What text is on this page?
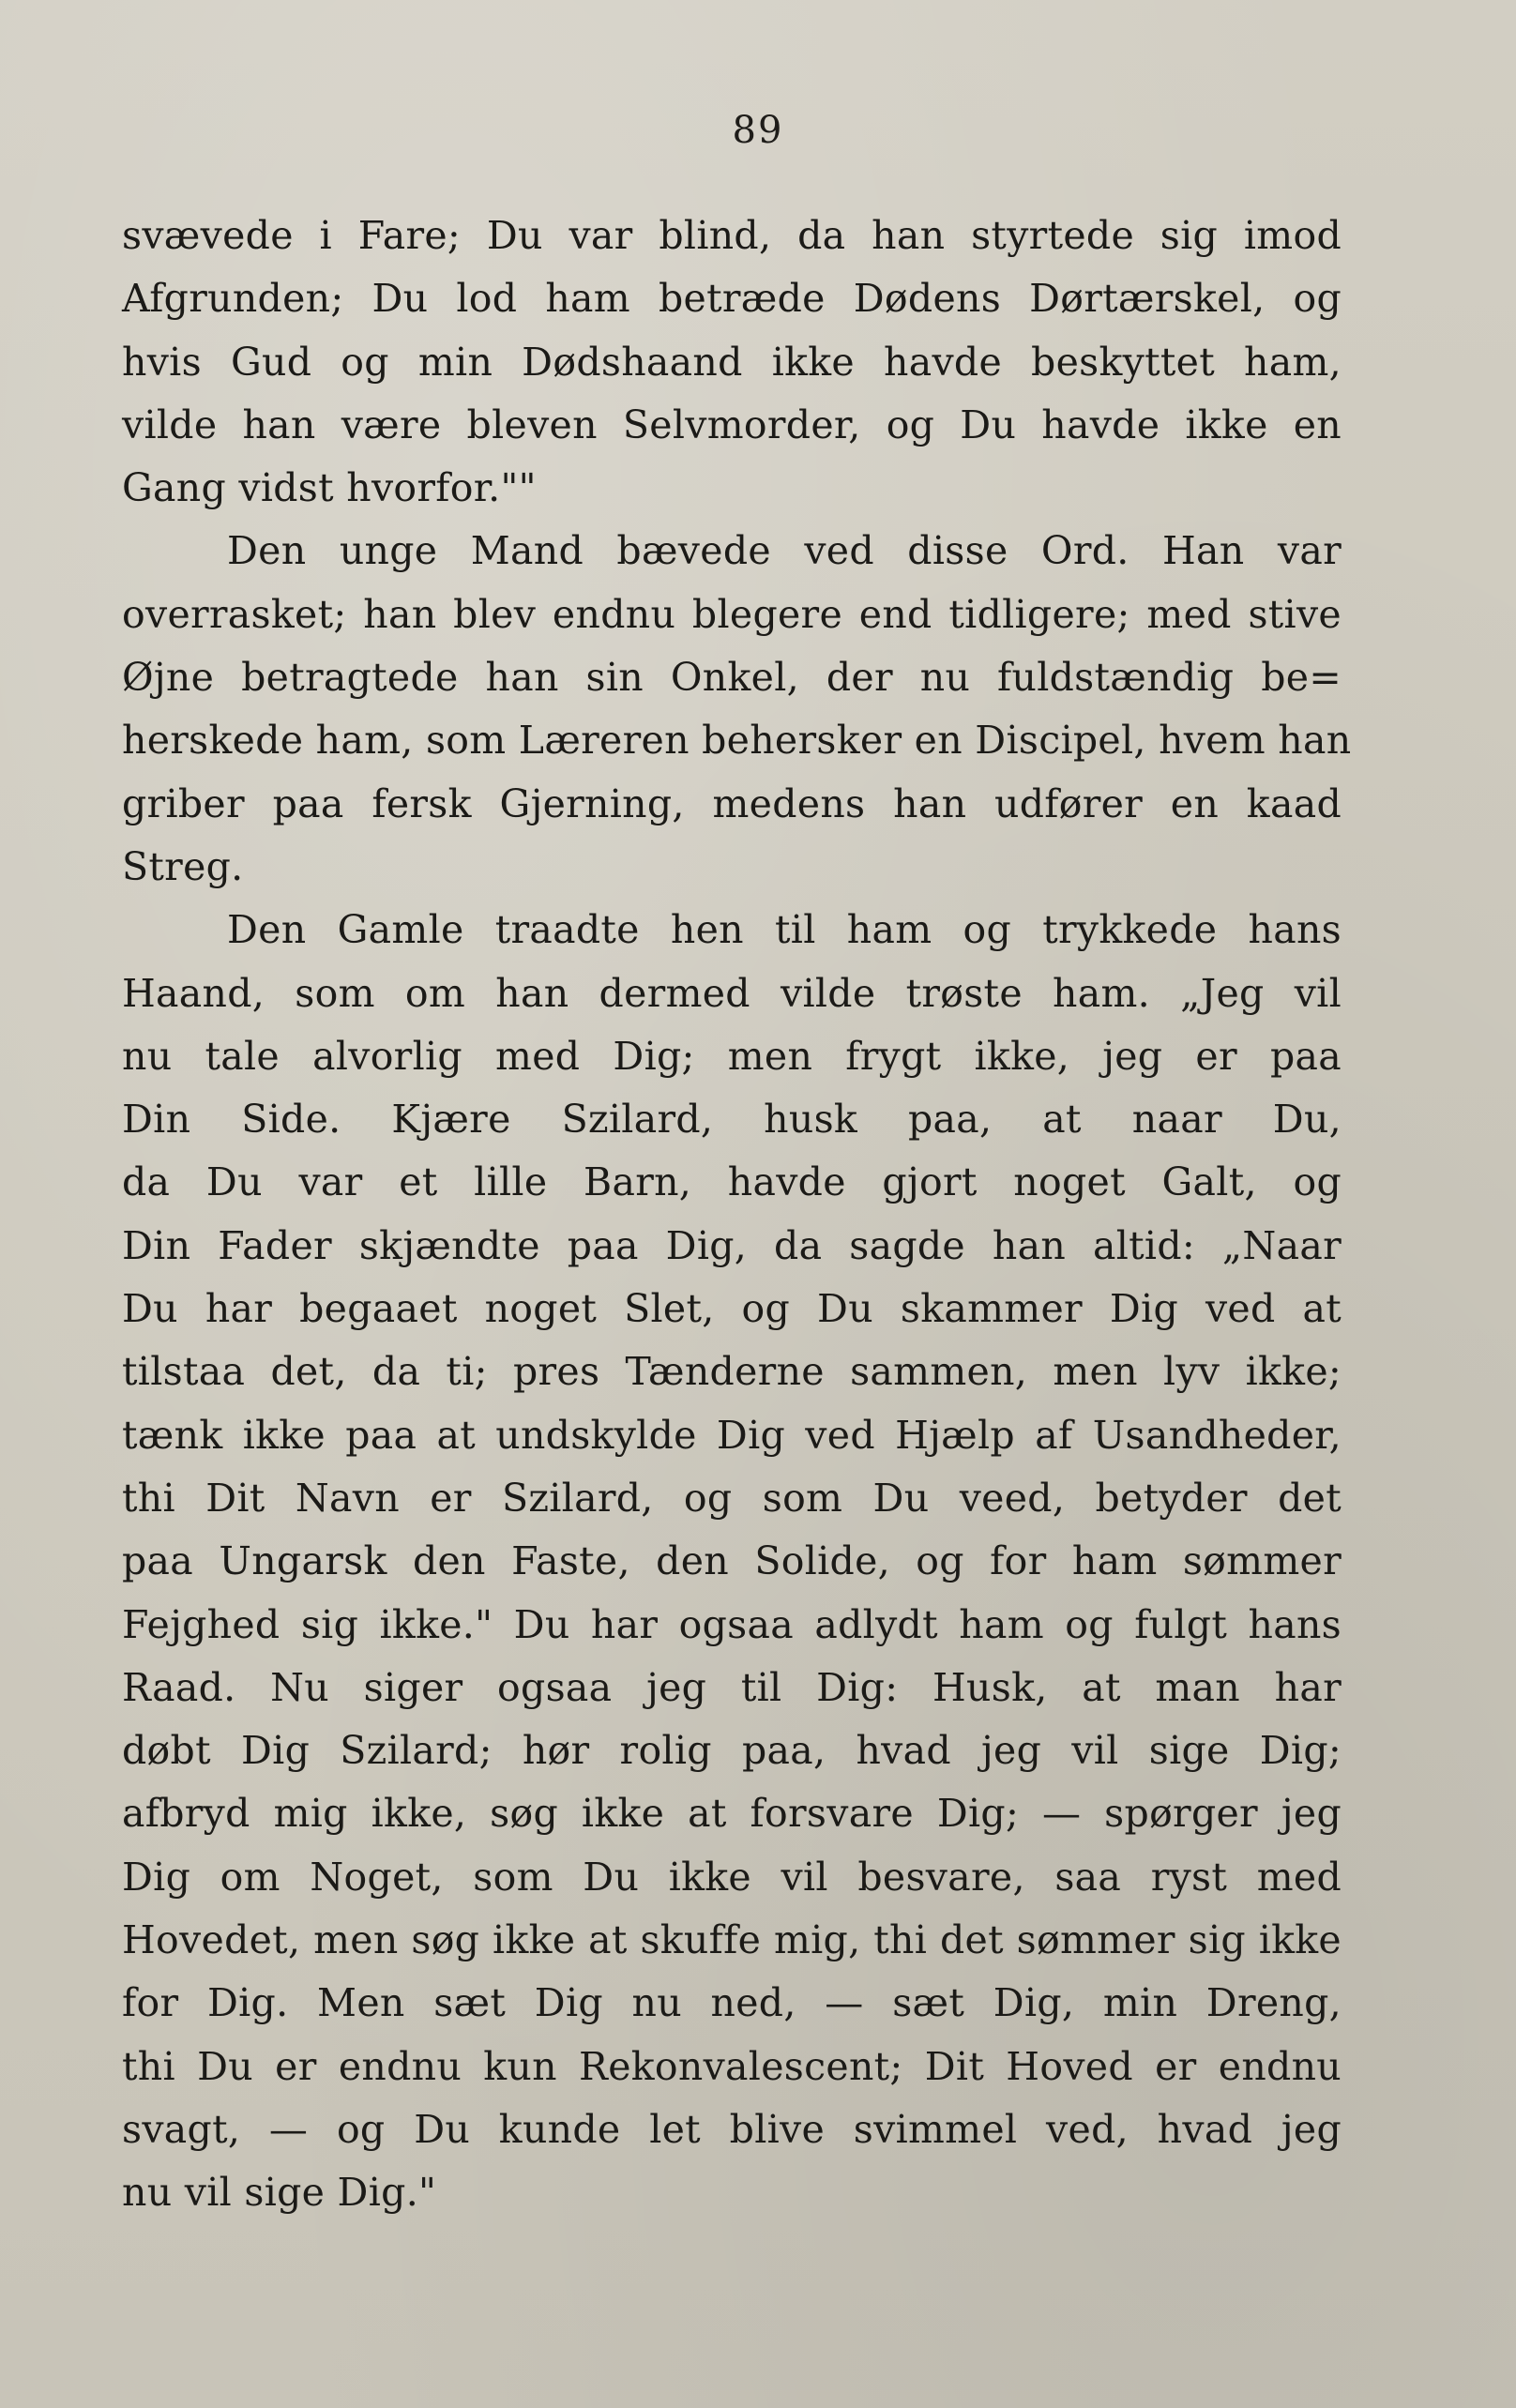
89
svævede i Fare; Du var blind, da han styrtede sig imod
Afgrunden; Du lod ham betræde Dødens Dørtærskel, og
hvis Gud og min Dødshaand ikke havde beskyttet ham,
vilde han være bleven Selvmorder, og Du havde ikke en
Gang vidst hvorfor.""
Den unge Mand bævede ved disse Ord. Han var
overrasket; han blev endnu blegere end tidligere; med stive
Øjne betragtede han sin Onkel, der nu fuldstændig be=
herskede ham, som Læreren behersker en Discipel, hvem han
griber paa fersk Gjerning, medens han udfører en kaad
Streg.
Den Gamle traadte hen til ham og trykkede hans
Haand, som om han dermed vilde trøste ham. „Jeg vil
nu tale alvorlig med Dig; men frygt ikke, jeg er paa
Din Side. Kjære Szilard, husk paa, at naar Du,
da Du var et lille Barn, havde gjort noget Galt, og
Din Fader skjændte paa Dig, da sagde han altid: „Naar
Du har begaaet noget Slet, og Du skammer Dig ved at
tilstaa det, da ti; pres Tænderne sammen, men lyv ikke;
tænk ikke paa at undskylde Dig ved Hjælp af Usandheder,
thi Dit Navn er Szilard, og som Du veed, betyder det
paa Ungarsk den Faste, den Solide, og for ham sømmer
Fejghed sig ikke." Du har ogsaa adlydt ham og fulgt hans
Raad. Nu siger ogsaa jeg til Dig: Husk, at man har
døbt Dig Szilard; hør rolig paa, hvad jeg vil sige Dig;
afbryd mig ikke, søg ikke at forsvare Dig; — spørger jeg
Dig om Noget, som Du ikke vil besvare, saa ryst med
Hovedet, men søg ikke at skuffe mig, thi det sømmer sig ikke
for Dig. Men sæt Dig nu ned, — sæt Dig, min Dreng,
thi Du er endnu kun Rekonvalescent; Dit Hoved er endnu
svagt, — og Du kunde let blive svimmel ved, hvad jeg
nu vil sige Dig."
